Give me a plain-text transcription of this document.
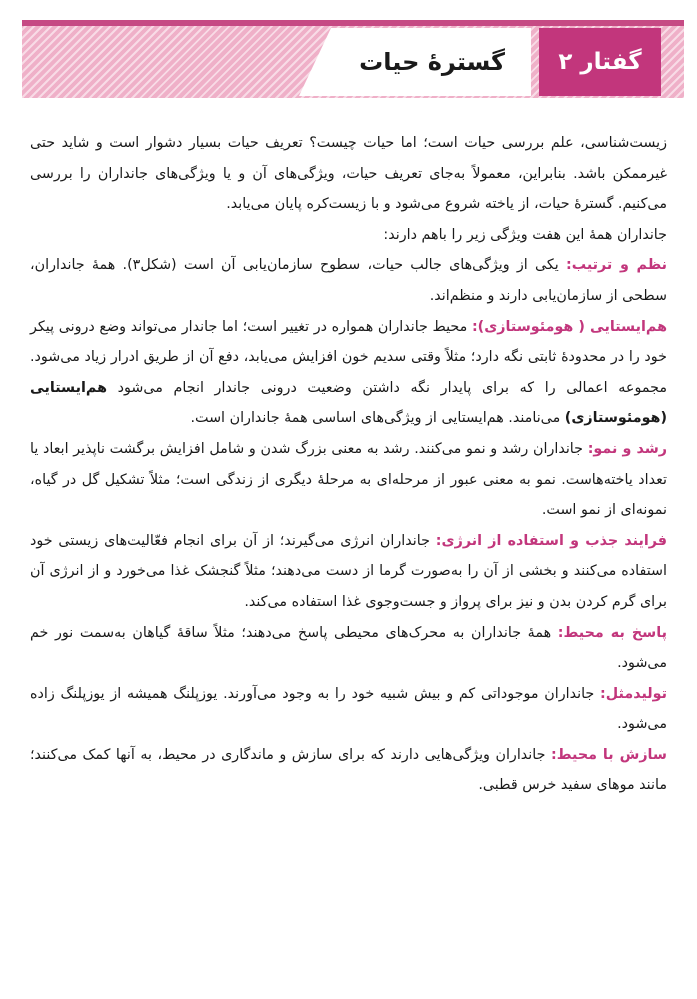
گفتار ۲
گسترهٔ حیات

زیست‌شناسی، علم بررسی حیات است؛ اما حیات چیست؟ تعریف حیات بسیار دشوار است و شاید حتی غیرممکن باشد. بنابراین، معمولاً به‌جای تعریف حیات، ویژگی‌های آن و یا ویژگی‌های جانداران را بررسی می‌کنیم. گسترهٔ حیات، از یاخته شروع می‌شود و با زیست‌کره پایان می‌یابد.

جانداران همهٔ این هفت ویژگی زیر را باهم دارند:

نظم و ترتیب: یکی از ویژگی‌های جالب حیات، سطوح سازمان‌یابی آن است (شکل۳). همهٔ جانداران، سطحی از سازمان‌یابی دارند و منظم‌اند.

هم‌ایستایی ( هومئوستازی): محیط جانداران همواره در تغییر است؛ اما جاندار می‌تواند وضع درونی پیکر خود را در محدودهٔ ثابتی نگه دارد؛ مثلاً وقتی سدیم خون افزایش می‌یابد، دفع آن از طریق ادرار زیاد می‌شود. مجموعه اعمالی را که برای پایدار نگه داشتن وضعیت درونی جاندار انجام می‌شود هم‌ایستایی (هومئوستازی) می‌نامند. هم‌ایستایی از ویژگی‌های اساسی همهٔ جانداران است.

رشد و نمو: جانداران رشد و نمو می‌کنند. رشد به معنی بزرگ شدن و شامل افزایش برگشت ناپذیر ابعاد یا تعداد یاخته‌هاست. نمو به معنی عبور از مرحله‌ای به مرحلهٔ دیگری از زندگی است؛ مثلاً تشکیل گل در گیاه، نمونه‌ای از نمو است.

فرایند جذب و استفاده از انرژی: جانداران انرژی می‌گیرند؛ از آن برای انجام فعّالیت‌های زیستی خود استفاده می‌کنند و بخشی از آن را به‌صورت گرما از دست می‌دهند؛ مثلاً گنجشک غذا می‌خورد و از انرژی آن برای گرم کردن بدن و نیز برای پرواز و جست‌وجوی غذا استفاده می‌کند.

پاسخ به محیط: همهٔ جانداران به محرک‌های محیطی پاسخ می‌دهند؛ مثلاً ساقهٔ گیاهان به‌سمت نور خم می‌شود.

تولیدمثل: جانداران موجوداتی کم و بیش شبیه خود را به وجود می‌آورند. یوزپلنگ همیشه از یوزپلنگ زاده می‌شود.

سازش با محیط: جانداران ویژگی‌هایی دارند که برای سازش و ماندگاری در محیط، به آنها کمک می‌کنند؛ مانند موهای سفید خرس قطبی.
